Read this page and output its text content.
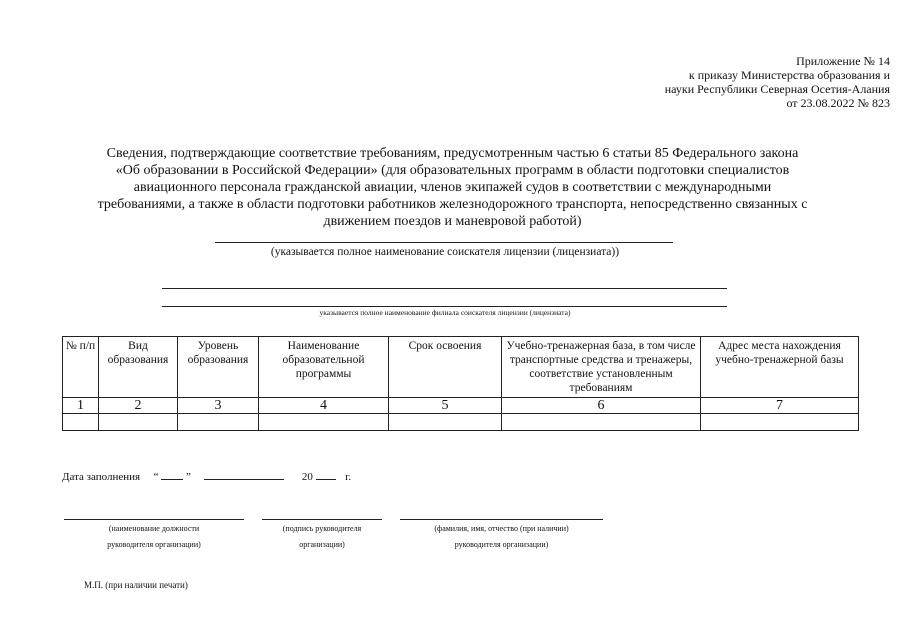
Приложение № 14
к приказу Министерства образования и
науки Республики Северная Осетия-Алания
от 23.08.2022 № 823
Сведения, подтверждающие соответствие требованиям, предусмотренным частью 6 статьи 85 Федерального закона
«Об образовании в Российской Федерации» (для образовательных программ в области подготовки специалистов
авиационного персонала гражданской авиации, членов экипажей судов в соответствии с международными
требованиями, а также в области подготовки работников железнодорожного транспорта, непосредственно связанных с
движением поездов и маневровой работой)
(указывается полное наименование соискателя лицензии (лицензиата))
указывается полное наименование филиала соискателя лицензии (лицензиата)
№ п/п	Вид образования	Уровень образования	Наименование образовательной программы	Срок освоения	Учебно-тренажерная база, в том числе транспортные средства и тренажеры, соответствие установленным требованиям	Адрес места нахождения учебно-тренажерной базы
1	2	3	4	5	6	7

Дата заполнения “	”	20	г.
(наименование должности
руководителя организации)
(подпись руководителя
организации)
(фамилия, имя, отчество (при наличии)
руководителя организации)
М.П. (при наличии печати)
